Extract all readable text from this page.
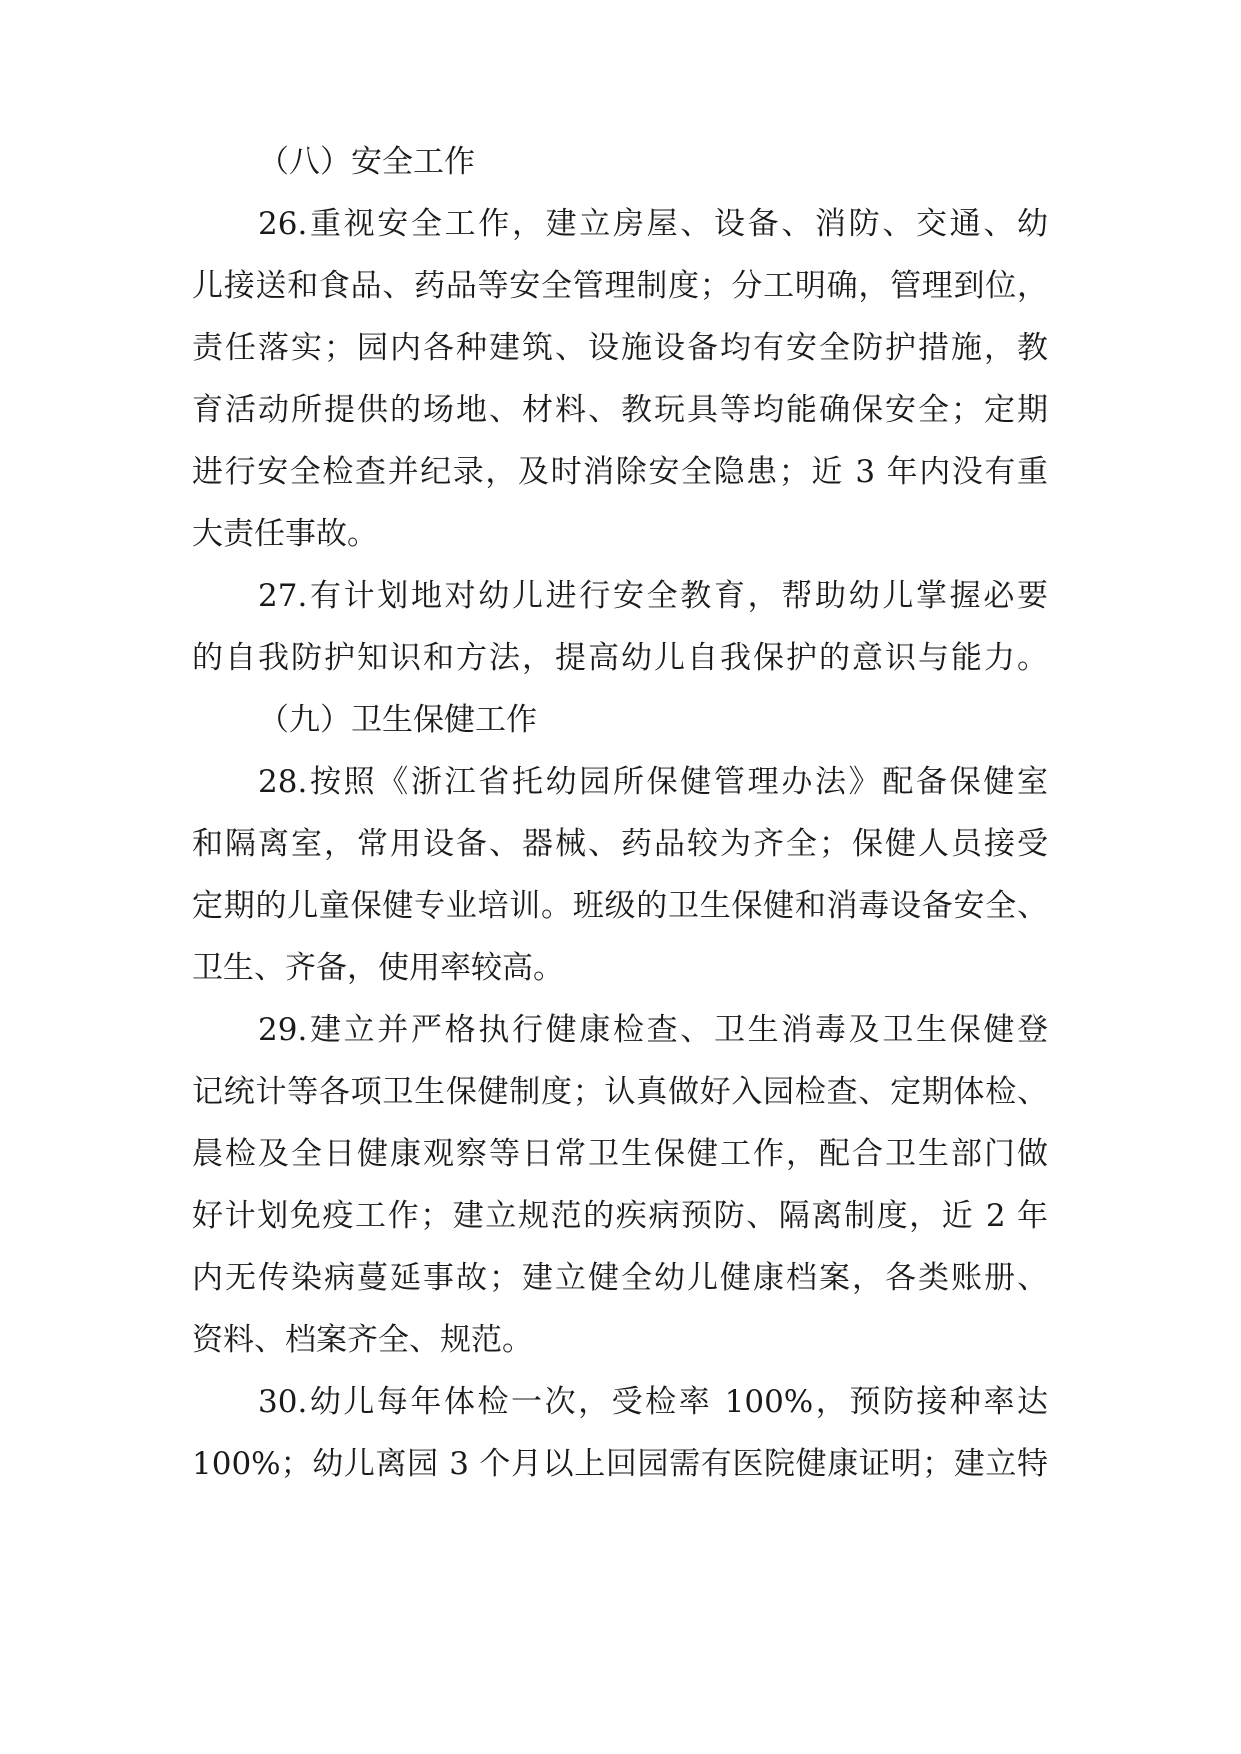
（八）安全工作
26.重视安全工作，建立房屋、设备、消防、交通、幼
儿接送和食品、药品等安全管理制度；分工明确，管理到位，
责任落实；园内各种建筑、设施设备均有安全防护措施，教
育活动所提供的场地、材料、教玩具等均能确保安全；定期
进行安全检查并纪录，及时消除安全隐患；近 3 年内没有重
大责任事故。
27.有计划地对幼儿进行安全教育，帮助幼儿掌握必要
的自我防护知识和方法，提高幼儿自我保护的意识与能力。
（九）卫生保健工作
28.按照《浙江省托幼园所保健管理办法》配备保健室
和隔离室，常用设备、器械、药品较为齐全；保健人员接受
定期的儿童保健专业培训。班级的卫生保健和消毒设备安全、
卫生、齐备，使用率较高。
29.建立并严格执行健康检查、卫生消毒及卫生保健登
记统计等各项卫生保健制度；认真做好入园检查、定期体检、
晨检及全日健康观察等日常卫生保健工作，配合卫生部门做
好计划免疫工作；建立规范的疾病预防、隔离制度，近 2 年
内无传染病蔓延事故；建立健全幼儿健康档案，各类账册、
资料、档案齐全、规范。
30.幼儿每年体检一次，受检率 100%，预防接种率达
100%；幼儿离园 3 个月以上回园需有医院健康证明；建立特
